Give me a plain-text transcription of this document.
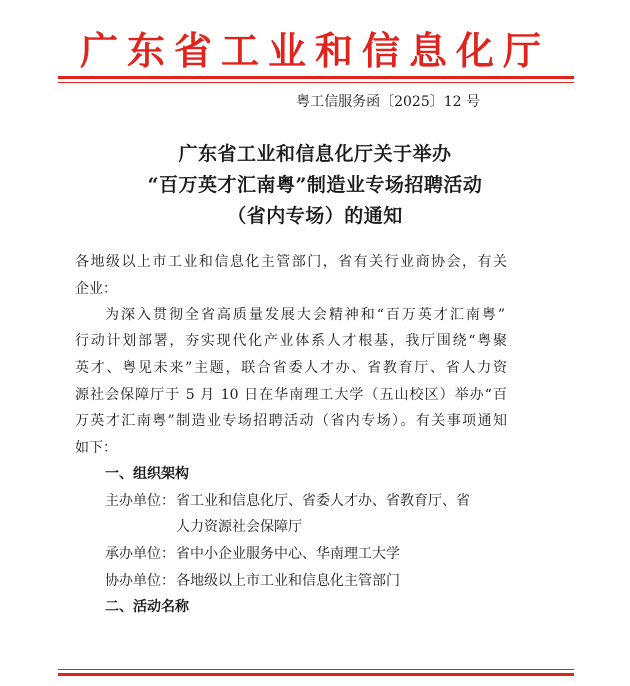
广东省工业和信息化厅
粤工信服务函〔2025〕12 号
广东省工业和信息化厅关于举办
“百万英才汇南粤”制造业专场招聘活动
（省内专场）的通知
各地级以上市工业和信息化主管部门，省有关行业商协会，有关
企业：
为深入贯彻全省高质量发展大会精神和“百万英才汇南粤”
行动计划部署，夯实现代化产业体系人才根基，我厅围绕“粤聚
英才、粤见未来”主题，联合省委人才办、省教育厅、省人力资
源社会保障厅于 5 月 10 日在华南理工大学（五山校区）举办“百
万英才汇南粤”制造业专场招聘活动（省内专场）。有关事项通知
如下：
一、组织架构
主办单位： 省工业和信息化厅、省委人才办、省教育厅、省
人力资源社会保障厅
承办单位： 省中小企业服务中心、华南理工大学
协办单位： 各地级以上市工业和信息化主管部门
二、活动名称
